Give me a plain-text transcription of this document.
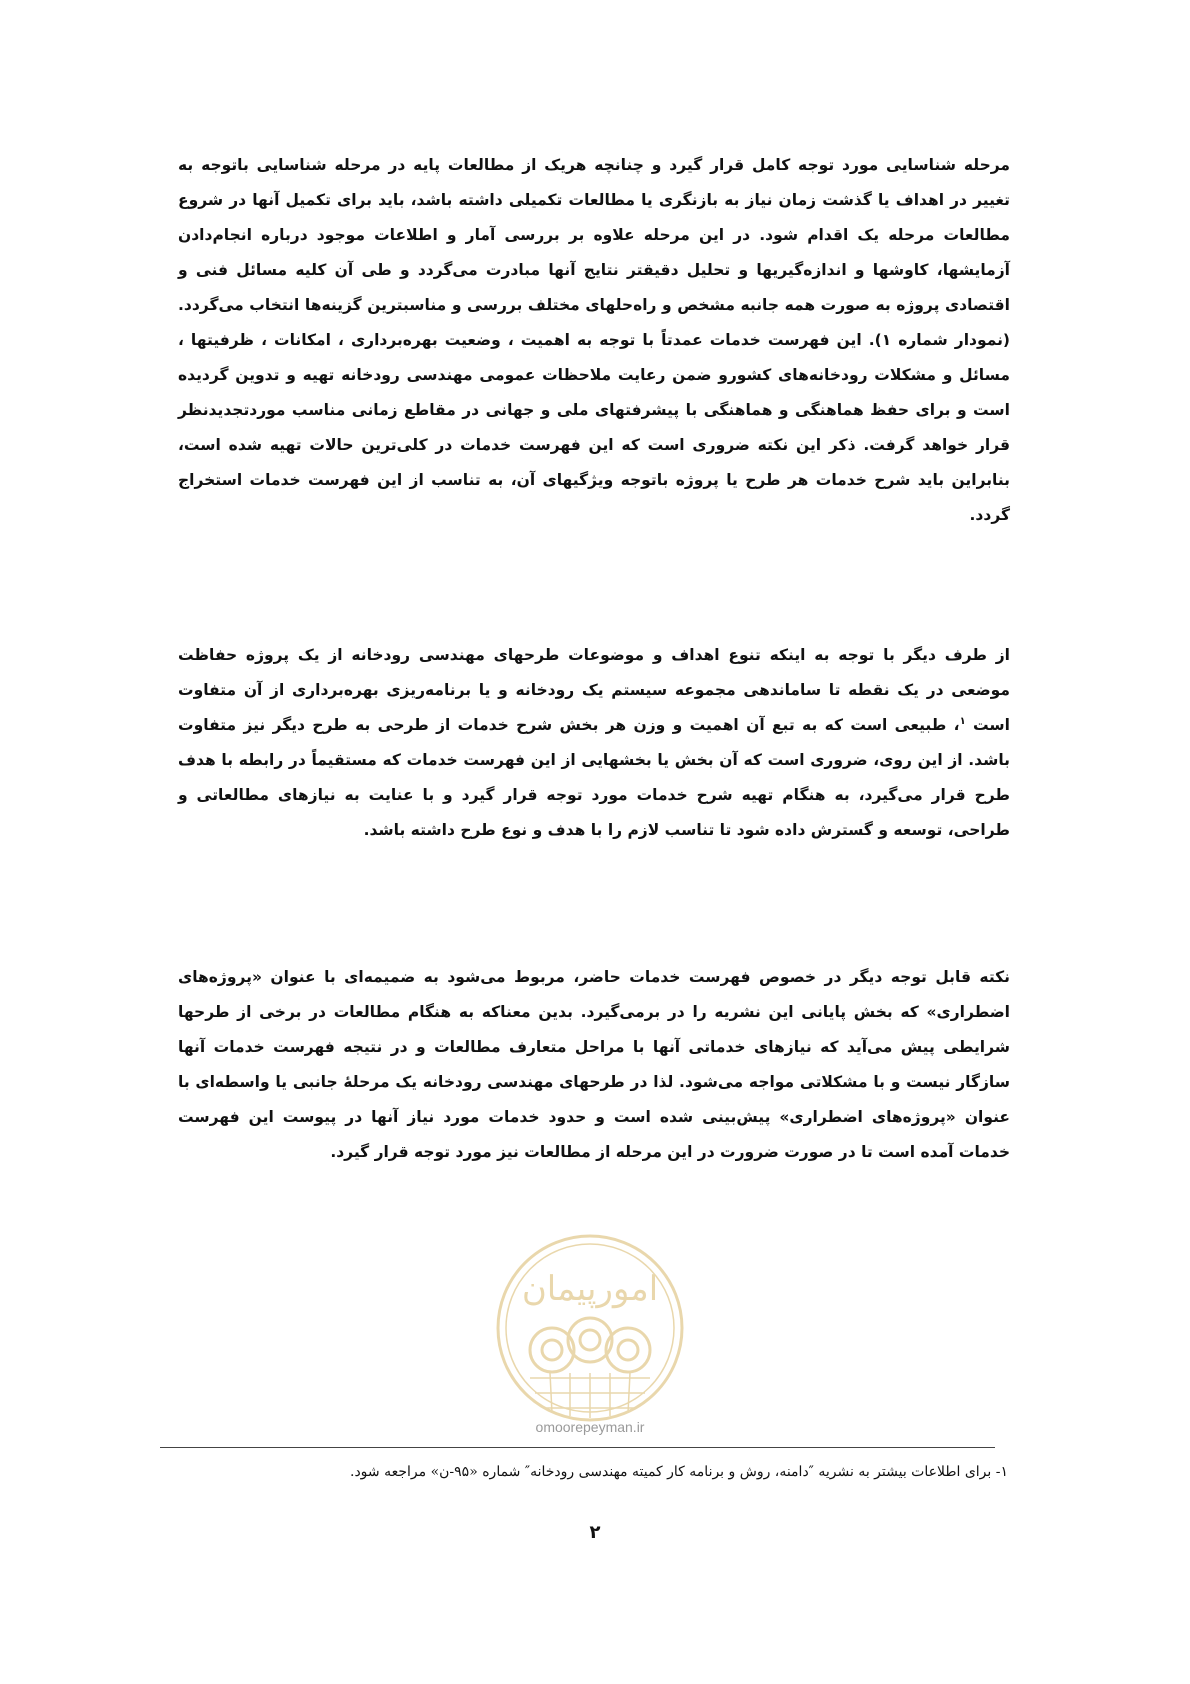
مرحله شناسایی مورد توجه کامل قرار گیرد و چنانچه هریک از مطالعات پایه در مرحله شناسایی باتوجه به تغییر در اهداف یا گذشت زمان نیاز به بازنگری یا مطالعات تکمیلی داشته باشد، باید برای تکمیل آنها در شروع مطالعات مرحله یک اقدام شود. در این مرحله علاوه بر بررسی آمار و اطلاعات موجود درباره انجام‌دادن آزمایشها، کاوشها و اندازه‌گیریها و تحلیل دقیقتر نتایج آنها مبادرت می‌گردد و طی آن کلیه مسائل فنی و اقتصادی پروژه به صورت همه جانبه مشخص و راه‌حلهای مختلف بررسی و مناسبترین گزینه‌ها انتخاب می‌گردد.(نمودار شماره ۱). این فهرست خدمات عمدتاً با توجه به اهمیت ، وضعیت بهره‌برداری ، امکانات ، ظرفیتها ، مسائل و مشکلات رودخانه‌های کشورو ضمن رعایت ملاحظات عمومی مهندسی رودخانه تهیه و تدوین گردیده است و برای حفظ هماهنگی و هماهنگی با پیشرفتهای ملی و جهانی در مقاطع زمانی مناسب موردتجدیدنظر قرار خواهد گرفت. ذکر این نکته ضروری است که این فهرست خدمات در کلی‌ترین حالات تهیه شده است، بنابراین باید شرح خدمات هر طرح یا پروژه باتوجه ویژگیهای آن، به تناسب از این فهرست خدمات استخراج گردد.

از طرف دیگر با توجه به اینکه تنوع اهداف و موضوعات طرحهای مهندسی رودخانه از یک پروژه حفاظت موضعی در یک نقطه تا ساماندهی مجموعه سیستم یک رودخانه و یا برنامه‌ریزی بهره‌برداری از آن متفاوت است $^۱$، طبیعی است که به تبع آن اهمیت و وزن هر بخش شرح خدمات از طرحی به طرح دیگر نیز متفاوت باشد. از این روی، ضروری است که آن بخش یا بخشهایی از این فهرست خدمات که مستقیماً در رابطه با هدف طرح قرار می‌گیرد، به هنگام تهیه شرح خدمات مورد توجه قرار گیرد و با عنایت به نیازهای مطالعاتی و طراحی، توسعه و گسترش داده شود تا تناسب لازم را با هدف و نوع طرح داشته باشد.

نکته قابل توجه دیگر در خصوص فهرست خدمات حاضر، مربوط می‌شود به ضمیمه‌ای با عنوان «پروژه‌های اضطراری» که بخش پایانی این نشریه را در برمی‌گیرد. بدین معناکه به هنگام مطالعات در برخی از طرحها شرایطی پیش می‌آید که نیازهای خدماتی آنها با مراحل متعارف مطالعات و در نتیجه فهرست خدمات آنها سازگار نیست و با مشکلاتی مواجه می‌شود. لذا در طرحهای مهندسی رودخانه یک مرحلهٔ جانبی یا واسطه‌ای با عنوان «پروژه‌های اضطراری» پیش‌بینی شده است و حدود خدمات مورد نیاز آنها در پیوست این فهرست خدمات آمده است تا در صورت ضرورت در این مرحله از مطالعات نیز مورد توجه قرار گیرد.

امورپیمان
omoorepeyman.ir

۱- برای اطلاعات بیشتر به نشریه ″دامنه، روش و برنامه کار کمیته مهندسی رودخانه″ شماره «۹۵-ن» مراجعه شود.

۲
